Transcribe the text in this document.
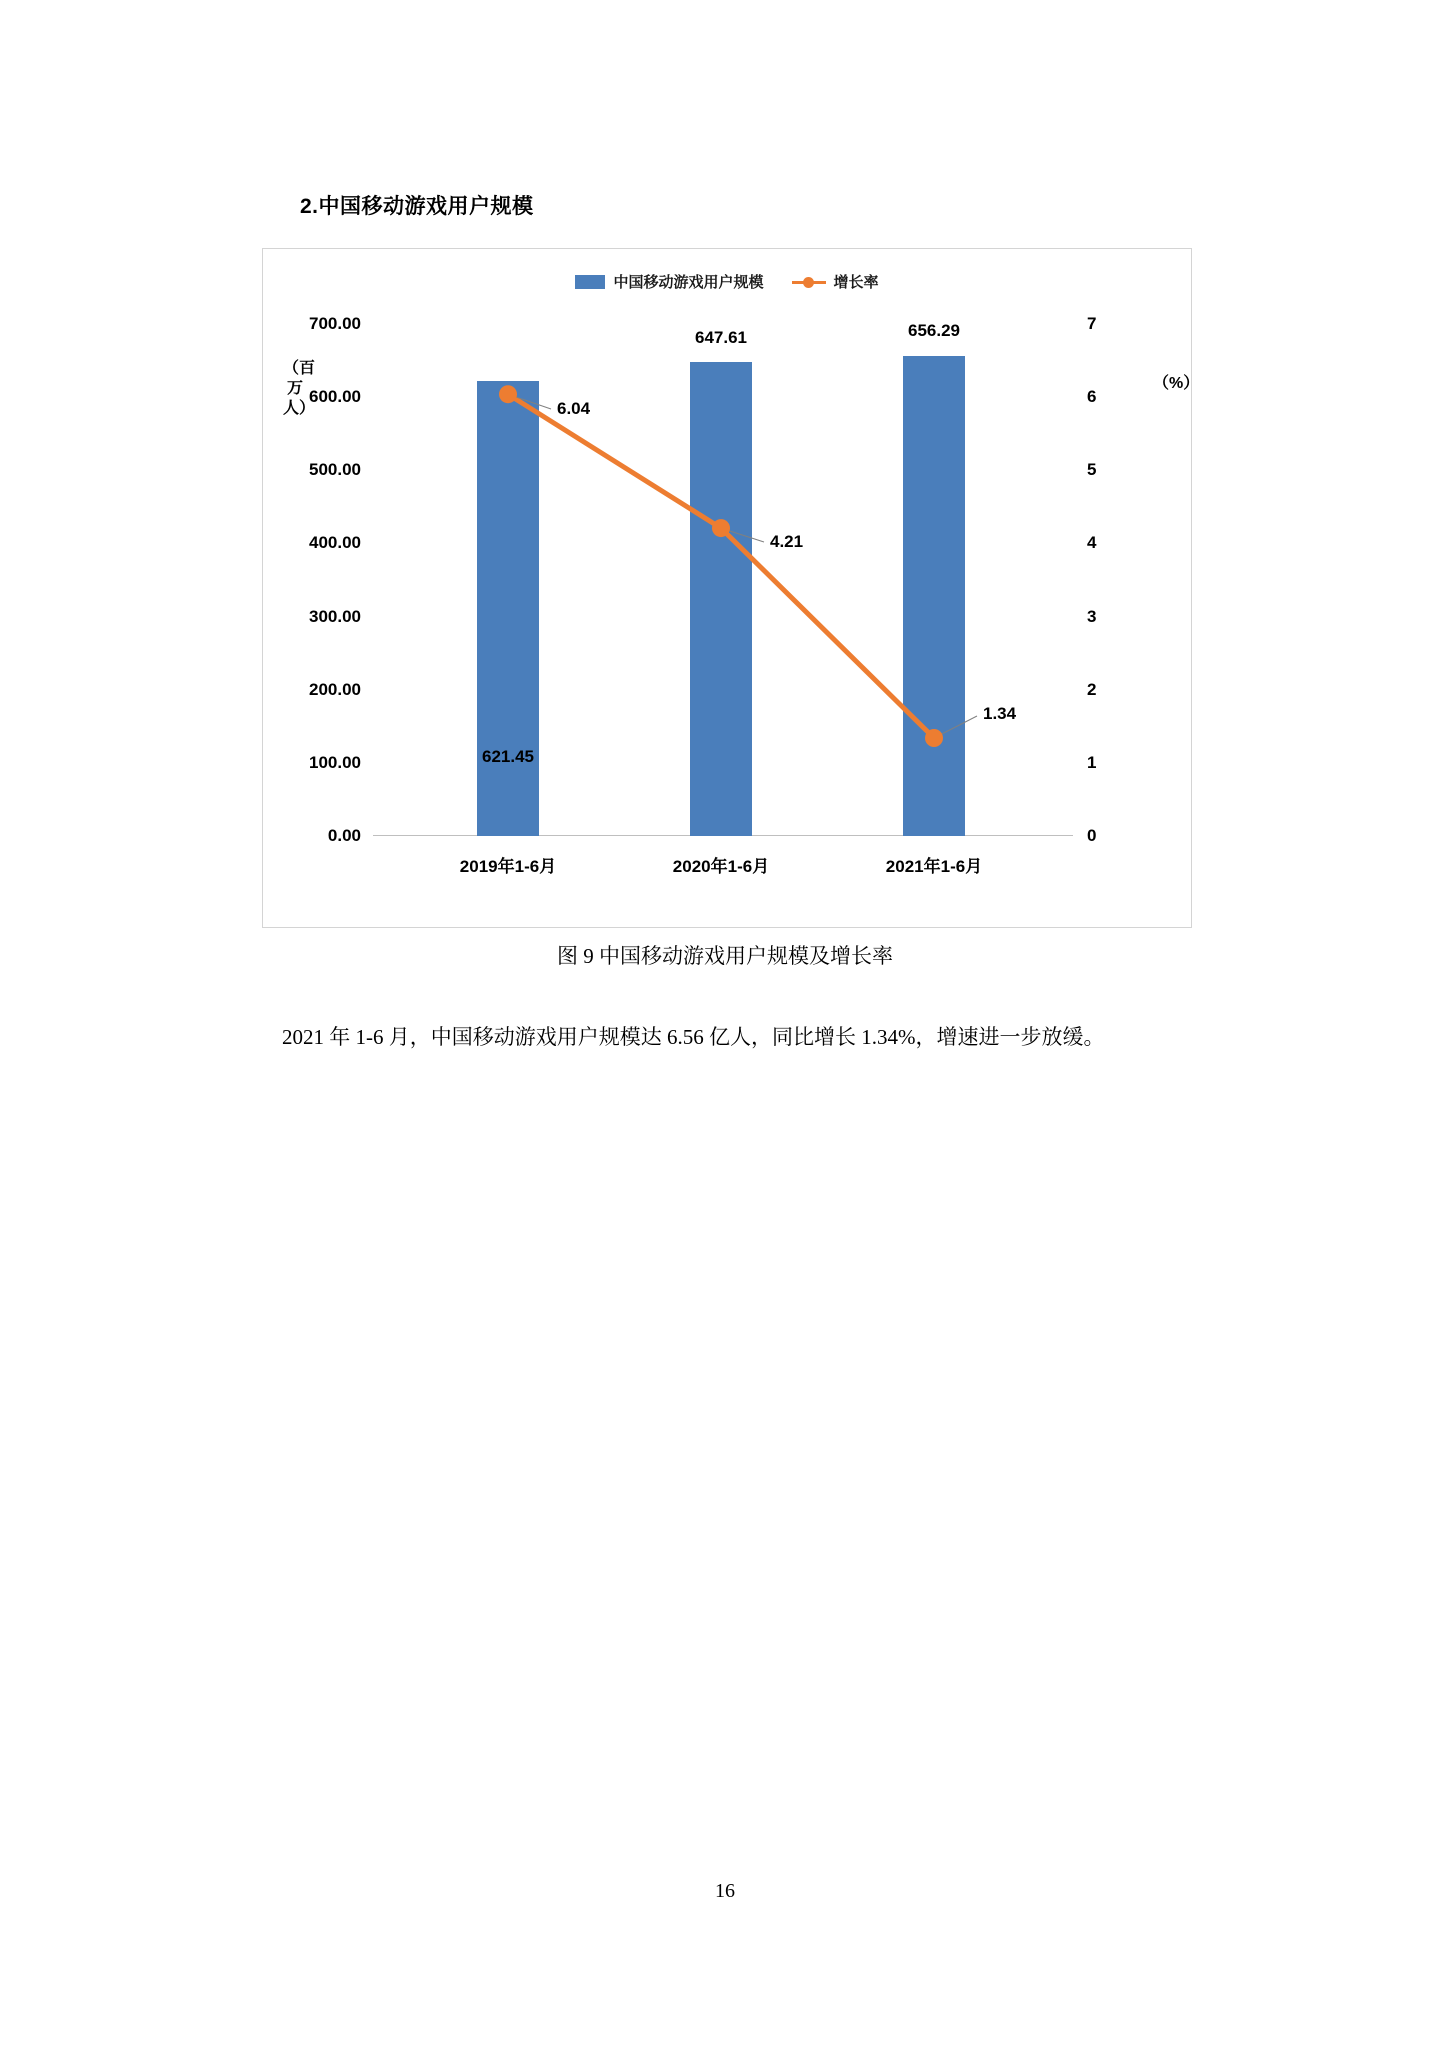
2.中国移动游戏用户规模
中国移动游戏用户规模	增长率
（百万人）
（%）
0.00
100.00
200.00
300.00
400.00
500.00
600.00
700.00
0
1
2
3
4
5
6
7
621.45
647.61	656.29
6.04
4.21
1.34
2019年1-6月	2020年1-6月	2021年1-6月
图 9 中国移动游戏用户规模及增长率
2021 年 1-6 月，中国移动游戏用户规模达 6.56 亿人，同比增长 1.34%，增速进一步放缓。
16
